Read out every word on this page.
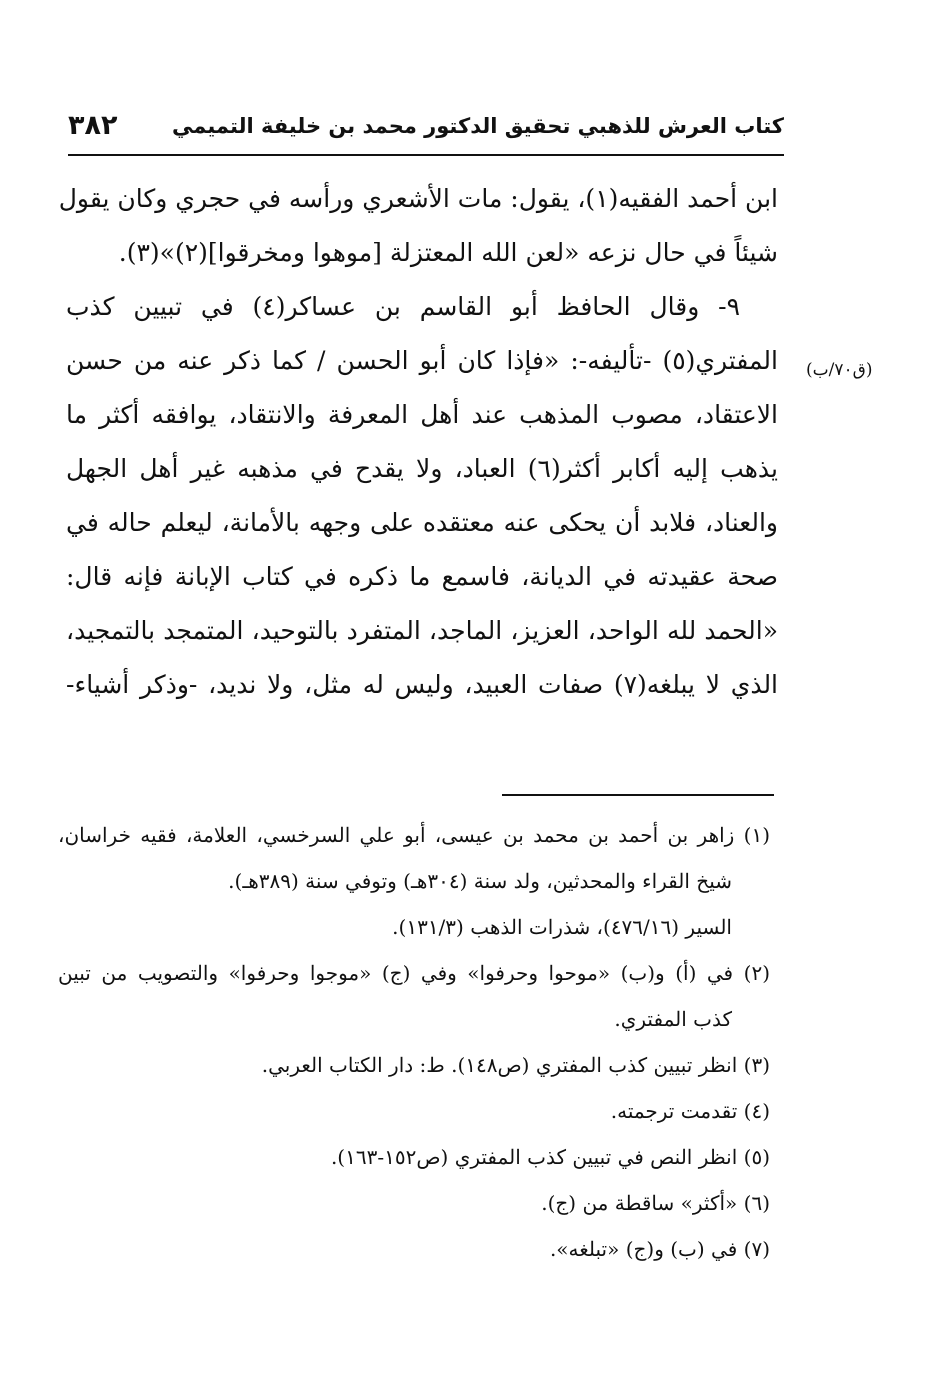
كتاب العرش للذهبي تحقيق الدكتور محمد بن خليفة التميمي
٣٨٢
(ق٧٠/ب)
ابن أحمد الفقيه(١)، يقول: مات الأشعري ورأسه في حجري وكان يقول
شيئاً في حال نزعه «لعن الله المعتزلة [موهوا ومخرقوا](٢)»(٣).
٩- وقال الحافظ أبو القاسم بن عساكر(٤) في تبيين كذب
المفتري(٥) -تأليفه-: «فإذا كان أبو الحسن / كما ذكر عنه من حسن
الاعتقاد، مصوب المذهب عند أهل المعرفة والانتقاد، يوافقه أكثر ما
يذهب إليه أكابر أكثر(٦) العباد، ولا يقدح في مذهبه غير أهل الجهل
والعناد، فلابد أن يحكى عنه معتقده على وجهه بالأمانة، ليعلم حاله في
صحة عقيدته في الديانة، فاسمع ما ذكره في كتاب الإبانة فإنه قال:
«الحمد لله الواحد، العزيز، الماجد، المتفرد بالتوحيد، المتمجد بالتمجيد،
الذي لا يبلغه(٧) صفات العبيد، وليس له مثل، ولا نديد، -وذكر أشياء-
(١) زاهر بن أحمد بن محمد بن عيسى، أبو علي السرخسي، العلامة، فقيه خراسان،
شيخ القراء والمحدثين، ولد سنة (٣٠٤هـ) وتوفي سنة (٣٨٩هـ).
السير (٤٧٦/١٦)، شذرات الذهب (١٣١/٣).
(٢) في (أ) و(ب) «موحوا وحرفوا» وفي (ج) «موجوا وحرفوا» والتصويب من تبين
كذب المفتري.
(٣) انظر تبيين كذب المفتري (ص١٤٨). ط: دار الكتاب العربي.
(٤) تقدمت ترجمته.
(٥) انظر النص في تبيين كذب المفتري (ص١٥٢-١٦٣).
(٦) «أكثر» ساقطة من (ج).
(٧) في (ب) و(ج) «تبلغه».
